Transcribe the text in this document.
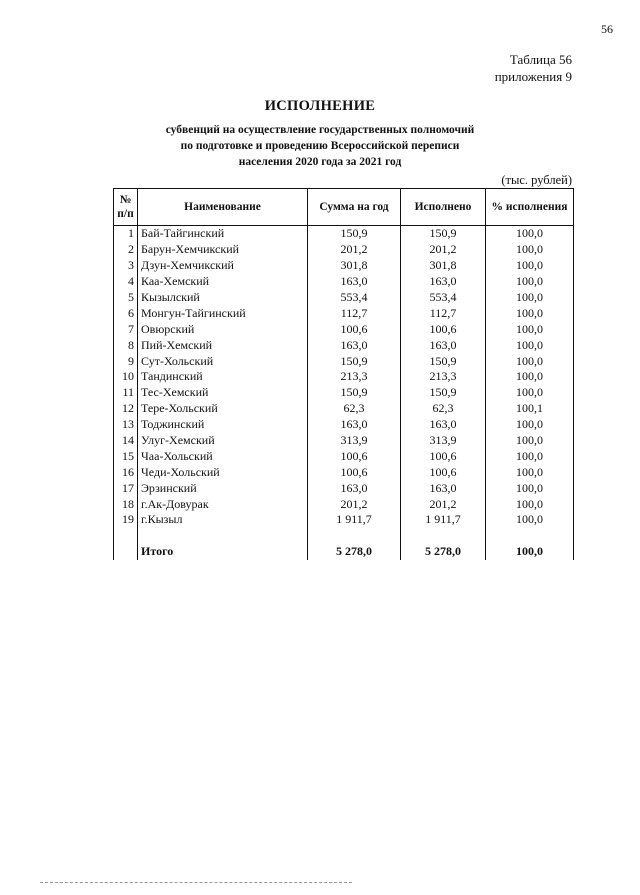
56
Таблица 56
приложения 9
ИСПОЛНЕНИЕ
субвенций на осуществление государственных полномочий
по подготовке и проведению Всероссийской переписи
населения 2020 года за 2021 год
(тыс. рублей)
№
п/п	Наименование	Сумма на год	Исполнено	% исполнения
1	Бай-Тайгинский	150,9	150,9	100,0
2	Барун-Хемчикский	201,2	201,2	100,0
3	Дзун-Хемчикский	301,8	301,8	100,0
4	Каа-Хемский	163,0	163,0	100,0
5	Кызылский	553,4	553,4	100,0
6	Монгун-Тайгинский	112,7	112,7	100,0
7	Овюрский	100,6	100,6	100,0
8	Пий-Хемский	163,0	163,0	100,0
9	Сут-Хольский	150,9	150,9	100,0
10	Тандинский	213,3	213,3	100,0
11	Тес-Хемский	150,9	150,9	100,0
12	Тере-Хольский	62,3	62,3	100,1
13	Тоджинский	163,0	163,0	100,0
14	Улуг-Хемский	313,9	313,9	100,0
15	Чаа-Хольский	100,6	100,6	100,0
16	Чеди-Хольский	100,6	100,6	100,0
17	Эрзинский	163,0	163,0	100,0
18	г.Ак-Довурак	201,2	201,2	100,0
19	г.Кызыл	1 911,7	1 911,7	100,0

	Итого	5 278,0	5 278,0	100,0
